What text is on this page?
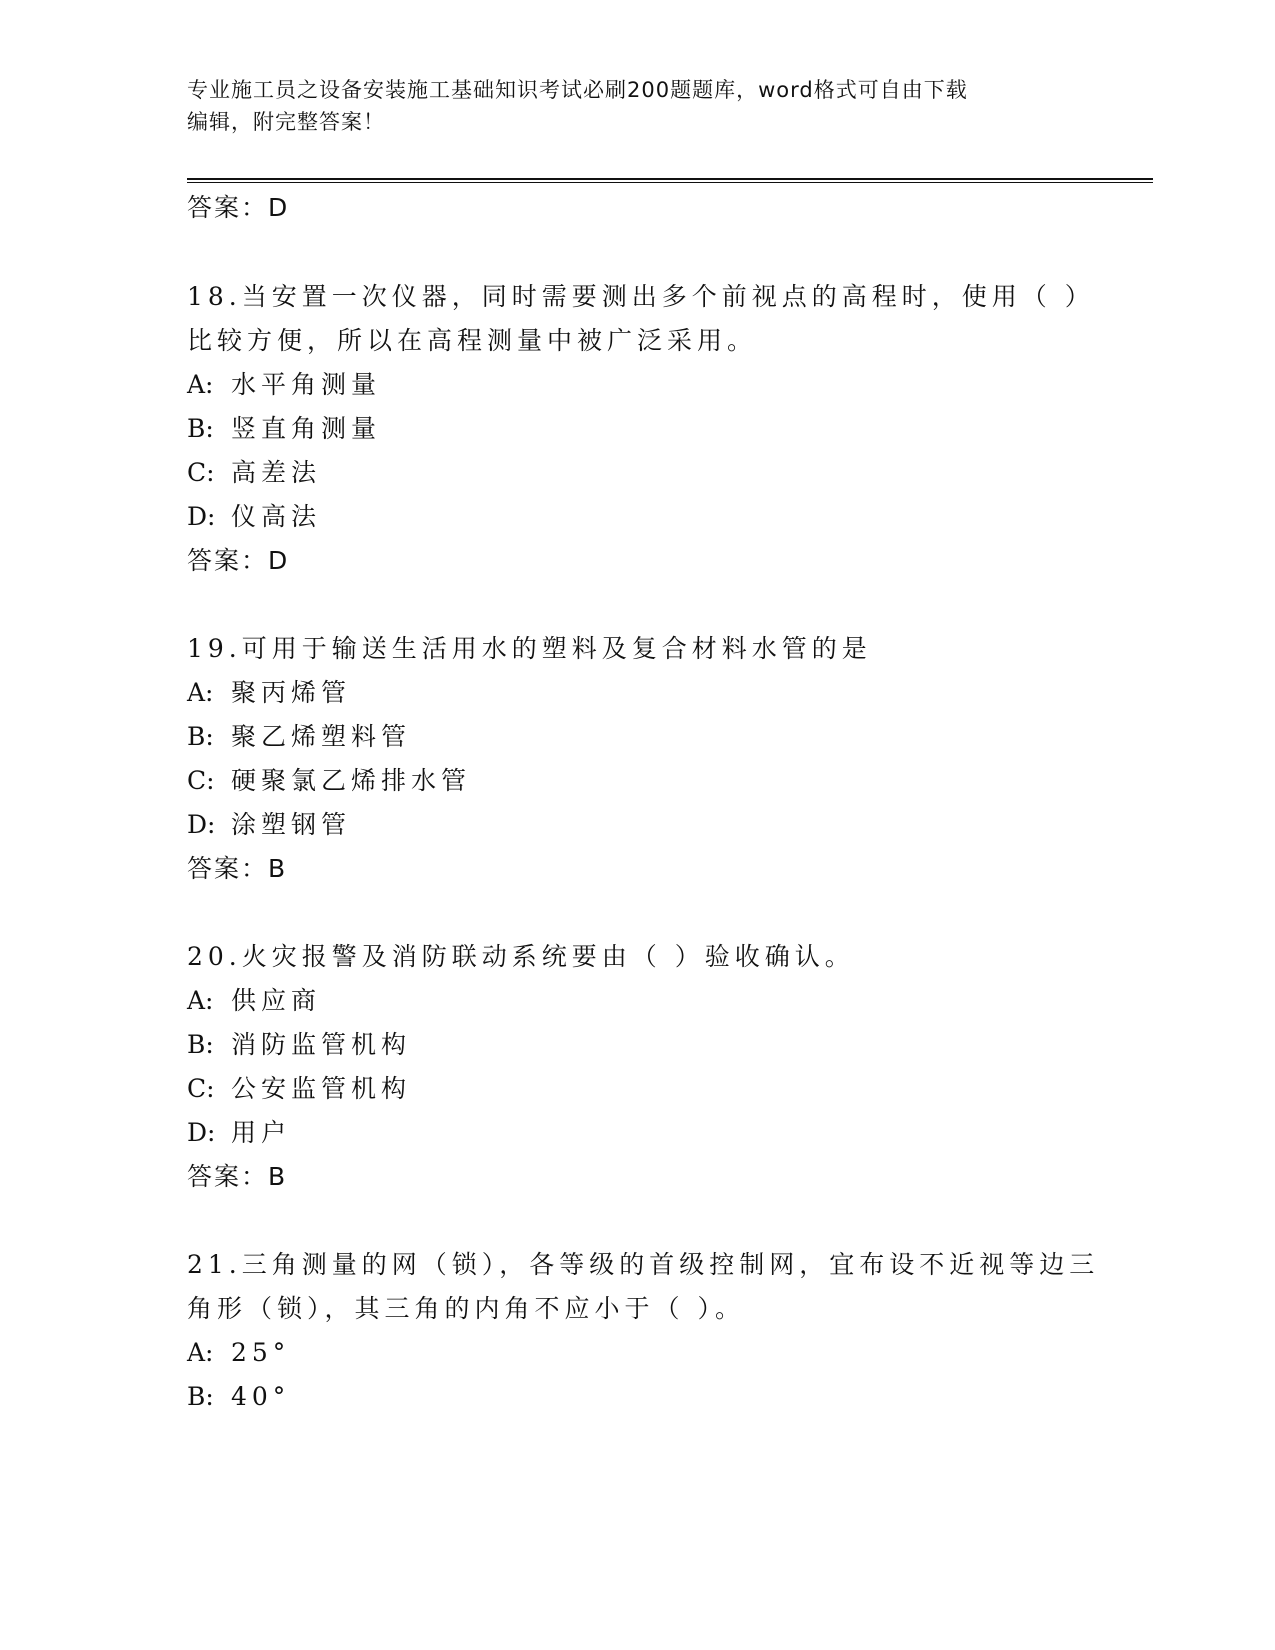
专业施工员之设备安装施工基础知识考试必刷200题题库，word格式可自由下载
编辑，附完整答案！
答案：D
18.当安置一次仪器，同时需要测出多个前视点的高程时，使用（ ）
比较方便，所以在高程测量中被广泛采用。
A: 水平角测量
B: 竖直角测量
C: 高差法
D: 仪高法
答案：D
19.可用于输送生活用水的塑料及复合材料水管的是
A: 聚丙烯管
B: 聚乙烯塑料管
C: 硬聚氯乙烯排水管
D: 涂塑钢管
答案：B
20.火灾报警及消防联动系统要由（ ）验收确认。
A: 供应商
B: 消防监管机构
C: 公安监管机构
D: 用户
答案：B
21.三角测量的网（锁），各等级的首级控制网，宜布设不近视等边三
角形（锁），其三角的内角不应小于（ ）。
A: 25°
B: 40°
